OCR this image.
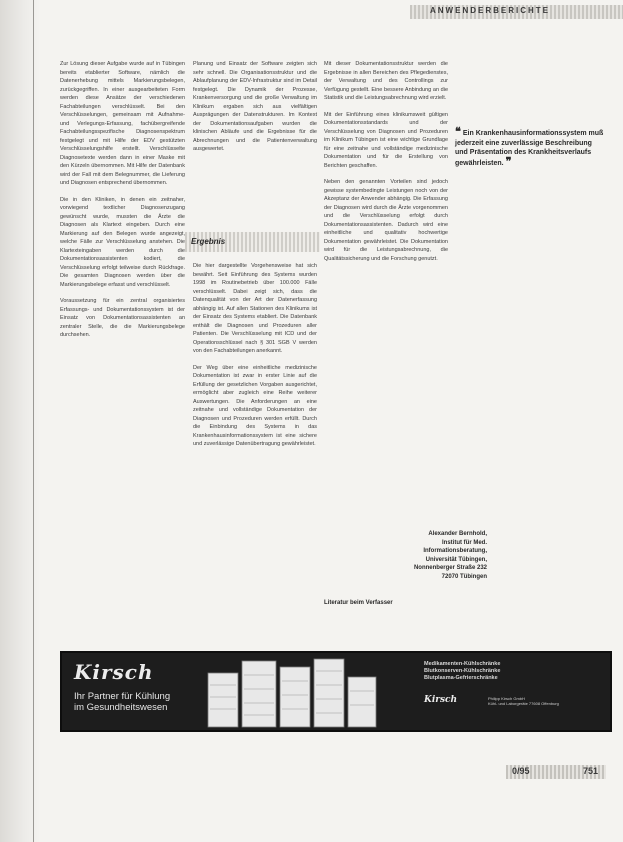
ANWENDERBERICHTE

Zur Lösung dieser Aufgabe wurde auf in Tübingen bereits etablierter Software, nämlich die Datenerhebung mittels Markierungsbelegen, zurückgegriffen. In einer ausgearbeiteten Form werden diese Ansätze der verschiedenen Fachabteilungen verschlüsselt. Bei den Verschlüsselungen, gemeinsam mit Aufnahme- und Verlegungs-Erfassung, fachübergreifende Fachabteilungsspezifische Diagnosenspektrum festgelegt und mit Hilfe der EDV gestützten Verschlüsselungshilfe erstellt. Verschlüsselte Diagnosetexte werden dann in einer Maske mit den Kürzeln übernommen. Mit Hilfe der Datenbank wird der Fall mit dem Belegnummer, die Lieferung und Diagnosen entsprechend übernommen.

Die in den Kliniken, in denen ein zeitnaher, vorwiegend textlicher Diagnosenzugang gewünscht wurde, mussten die Ärzte die Diagnosen als Klartext eingeben. Durch eine Markierung auf den Belegen wurde angezeigt, welche Fälle zur Verschlüsselung anstehen. Die Klartexteingaben werden durch die Dokumentationsassistenten kodiert, die Verschlüsselung erfolgt teilweise durch Rückfrage. Die gesamten Diagnosen werden über die Markierungsbelege erfasst und verschlüsselt.

Voraussetzung für ein zentral organisiertes Erfassungs- und Dokumentationssystem ist der Einsatz von Dokumentationsassistenten an zentraler Stelle, die die Markierungsbelege durchsehen.

Planung und Einsatz der Software zeigten sich sehr schnell. Die Organisationsstruktur und die Ablaufplanung der EDV-Infrastruktur sind im Detail festgelegt. Die Dynamik der Prozesse, Krankenversorgung und die große Verwaltung im Klinikum ergaben sich aus vielfältigen Ausprägungen der Datenstrukturen. Im Kontext der Dokumentationsaufgaben wurden die klinischen Abläufe und die Ergebnisse für die Abrechnungen und die Patientenverwaltung ausgewertet.

Ergebnis

Die hier dargestellte Vorgehensweise hat sich bewährt. Seit Einführung des Systems wurden 1998 im Routinebetrieb über 100.000 Fälle verschlüsselt. Dabei zeigt sich, dass die Datenqualität von der Art der Datenerfassung abhängig ist. Auf allen Stationen des Klinikums ist der Einsatz des Systems etabliert. Die Datenbank enthält die Diagnosen und Prozeduren aller Patienten. Die Verschlüsselung mit ICD und der Operationsschlüssel nach § 301 SGB V werden von den Fachabteilungen anerkannt.

Der Weg über eine einheitliche medizinische Dokumentation ist zwar in erster Linie auf die Erfüllung der gesetzlichen Vorgaben ausgerichtet, ermöglicht aber zugleich eine Reihe weiterer Auswertungen. Die Anforderungen an eine zeitnahe und vollständige Dokumentation der Diagnosen und Prozeduren werden erfüllt. Durch die Einbindung des Systems in das Krankenhausinformationssystem ist eine sichere und zuverlässige Datenübertragung gewährleistet.

Mit dieser Dokumentationsstruktur werden die Ergebnisse in allen Bereichen des Pflegedienstes, der Verwaltung und des Controllings zur Verfügung gestellt. Eine bessere Anbindung an die Statistik und die Leistungsabrechnung wird erzielt.

Mit der Einführung eines klinikumsweit gültigen Dokumentationsstandards und der Verschlüsselung von Diagnosen und Prozeduren im Klinikum Tübingen ist eine wichtige Grundlage für eine zeitnahe und vollständige medizinische Dokumentation und für die Erstellung von Berichten geschaffen.

Neben den genannten Vorteilen sind jedoch gewisse systembedingte Leistungen noch von der Akzeptanz der Anwender abhängig. Die Erfassung der Diagnosen wird durch die Ärzte vorgenommen und die Verschlüsselung erfolgt durch Dokumentationsassistenten. Dadurch wird eine einheitliche und qualitativ hochwertige Dokumentation gewährleistet. Die Dokumentation wird für die Leistungsabrechnung, die Qualitätssicherung und die Forschung genutzt.

❝ Ein Krankenhausinformationssystem muß jederzeit eine zuverlässige Beschreibung und Präsentation des Krankheitsverlaufs gewährleisten. ❞
Alexander Bernhold,
Institut für Med.
Informationsberatung,
Universität Tübingen,
Nonnenberger Straße 232
72070 Tübingen
Literatur beim Verfasser
Kirsch
Ihr Partner für Kühlung
im Gesundheitswesen
Medikamenten-Kühlschränke
Blutkonserven-Kühlschränke
Blutplasma-Gefrierschränke
Kirsch	Philipp Kirsch GmbH
Kühl- und Laborgeräte 77608 Offenburg
0/95	751
